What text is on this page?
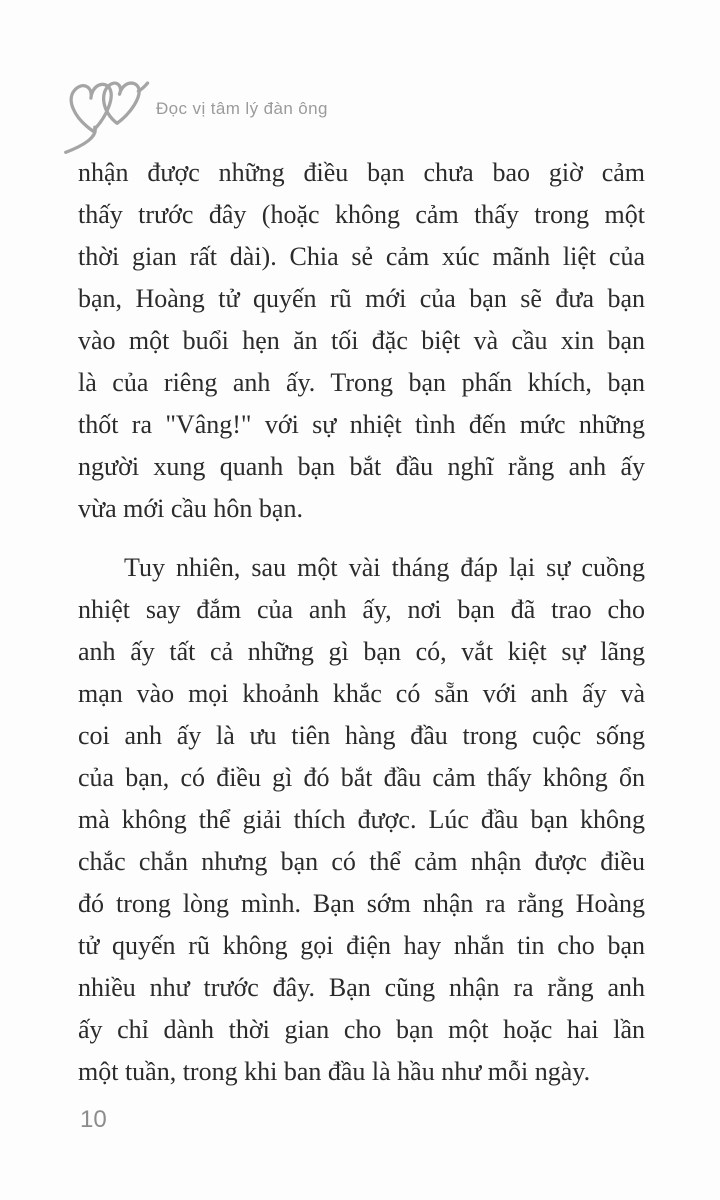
Đọc vị tâm lý đàn ông
nhận được những điều bạn chưa bao giờ cảm
thấy trước đây (hoặc không cảm thấy trong một
thời gian rất dài). Chia sẻ cảm xúc mãnh liệt của
bạn, Hoàng tử quyến rũ mới của bạn sẽ đưa bạn
vào một buổi hẹn ăn tối đặc biệt và cầu xin bạn
là của riêng anh ấy. Trong bạn phấn khích, bạn
thốt ra "Vâng!" với sự nhiệt tình đến mức những
người xung quanh bạn bắt đầu nghĩ rằng anh ấy
vừa mới cầu hôn bạn.
Tuy nhiên, sau một vài tháng đáp lại sự cuồng
nhiệt say đắm của anh ấy, nơi bạn đã trao cho
anh ấy tất cả những gì bạn có, vắt kiệt sự lãng
mạn vào mọi khoảnh khắc có sẵn với anh ấy và
coi anh ấy là ưu tiên hàng đầu trong cuộc sống
của bạn, có điều gì đó bắt đầu cảm thấy không ổn
mà không thể giải thích được. Lúc đầu bạn không
chắc chắn nhưng bạn có thể cảm nhận được điều
đó trong lòng mình. Bạn sớm nhận ra rằng Hoàng
tử quyến rũ không gọi điện hay nhắn tin cho bạn
nhiều như trước đây. Bạn cũng nhận ra rằng anh
ấy chỉ dành thời gian cho bạn một hoặc hai lần
một tuần, trong khi ban đầu là hầu như mỗi ngày.
10
